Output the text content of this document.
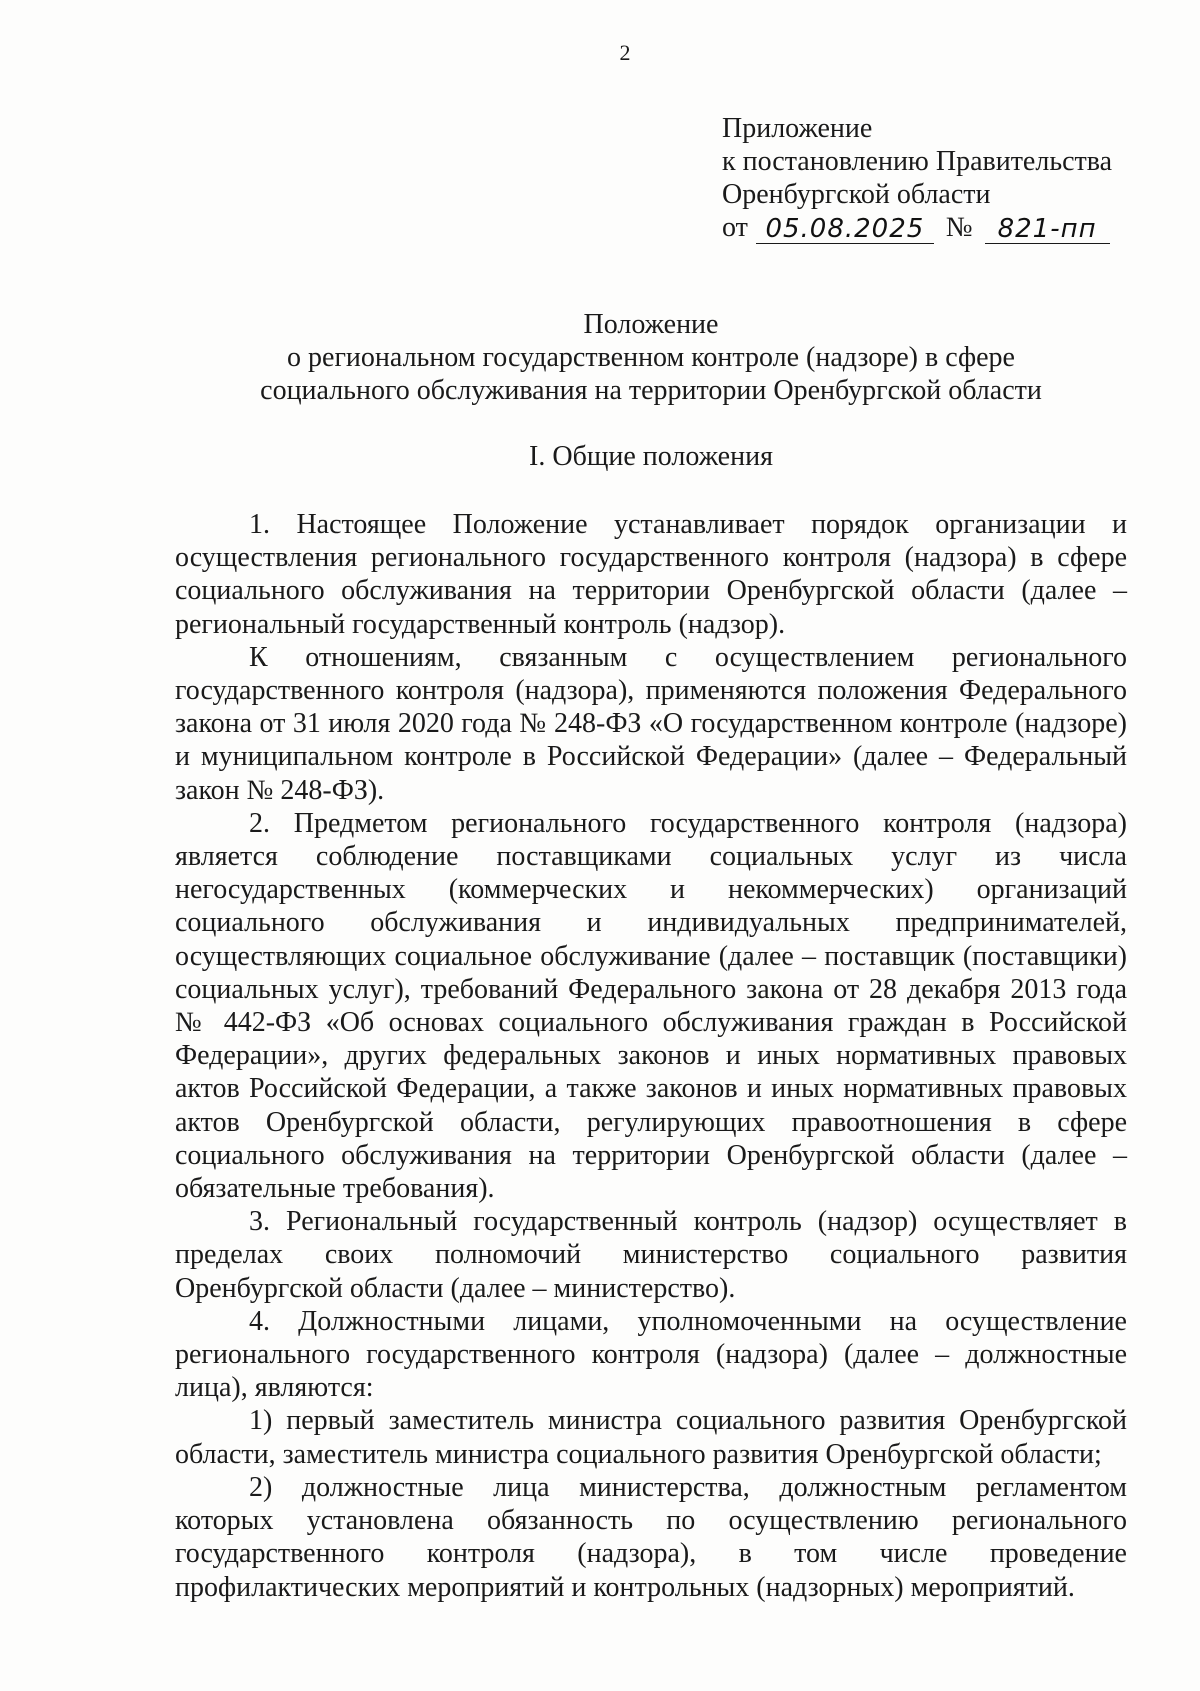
2
Приложение
к постановлению Правительства
Оренбургской области
от 05.08.2025 № 821-пп
Положение
о региональном государственном контроле (надзоре) в сфере
социального обслуживания на территории Оренбургской области
I. Общие положения
1. Настоящее Положение устанавливает порядок организации и
осуществления регионального государственного контроля (надзора) в сфере
социального обслуживания на территории Оренбургской области (далее –
региональный государственный контроль (надзор).
К отношениям, связанным с осуществлением регионального
государственного контроля (надзора), применяются положения Федерального
закона от 31 июля 2020 года № 248-ФЗ «О государственном контроле (надзоре)
и муниципальном контроле в Российской Федерации» (далее – Федеральный
закон № 248-ФЗ).
2. Предметом регионального государственного контроля (надзора)
является соблюдение поставщиками социальных услуг из числа
негосударственных (коммерческих и некоммерческих) организаций
социального обслуживания и индивидуальных предпринимателей,
осуществляющих социальное обслуживание (далее – поставщик (поставщики)
социальных услуг), требований Федерального закона от 28 декабря 2013 года
№ 442-ФЗ «Об основах социального обслуживания граждан в Российской
Федерации», других федеральных законов и иных нормативных правовых
актов Российской Федерации, а также законов и иных нормативных правовых
актов Оренбургской области, регулирующих правоотношения в сфере
социального обслуживания на территории Оренбургской области (далее –
обязательные требования).
3. Региональный государственный контроль (надзор) осуществляет в
пределах своих полномочий министерство социального развития
Оренбургской области (далее – министерство).
4. Должностными лицами, уполномоченными на осуществление
регионального государственного контроля (надзора) (далее – должностные
лица), являются:
1) первый заместитель министра социального развития Оренбургской
области, заместитель министра социального развития Оренбургской области;
2) должностные лица министерства, должностным регламентом
которых установлена обязанность по осуществлению регионального
государственного контроля (надзора), в том числе проведение
профилактических мероприятий и контрольных (надзорных) мероприятий.
